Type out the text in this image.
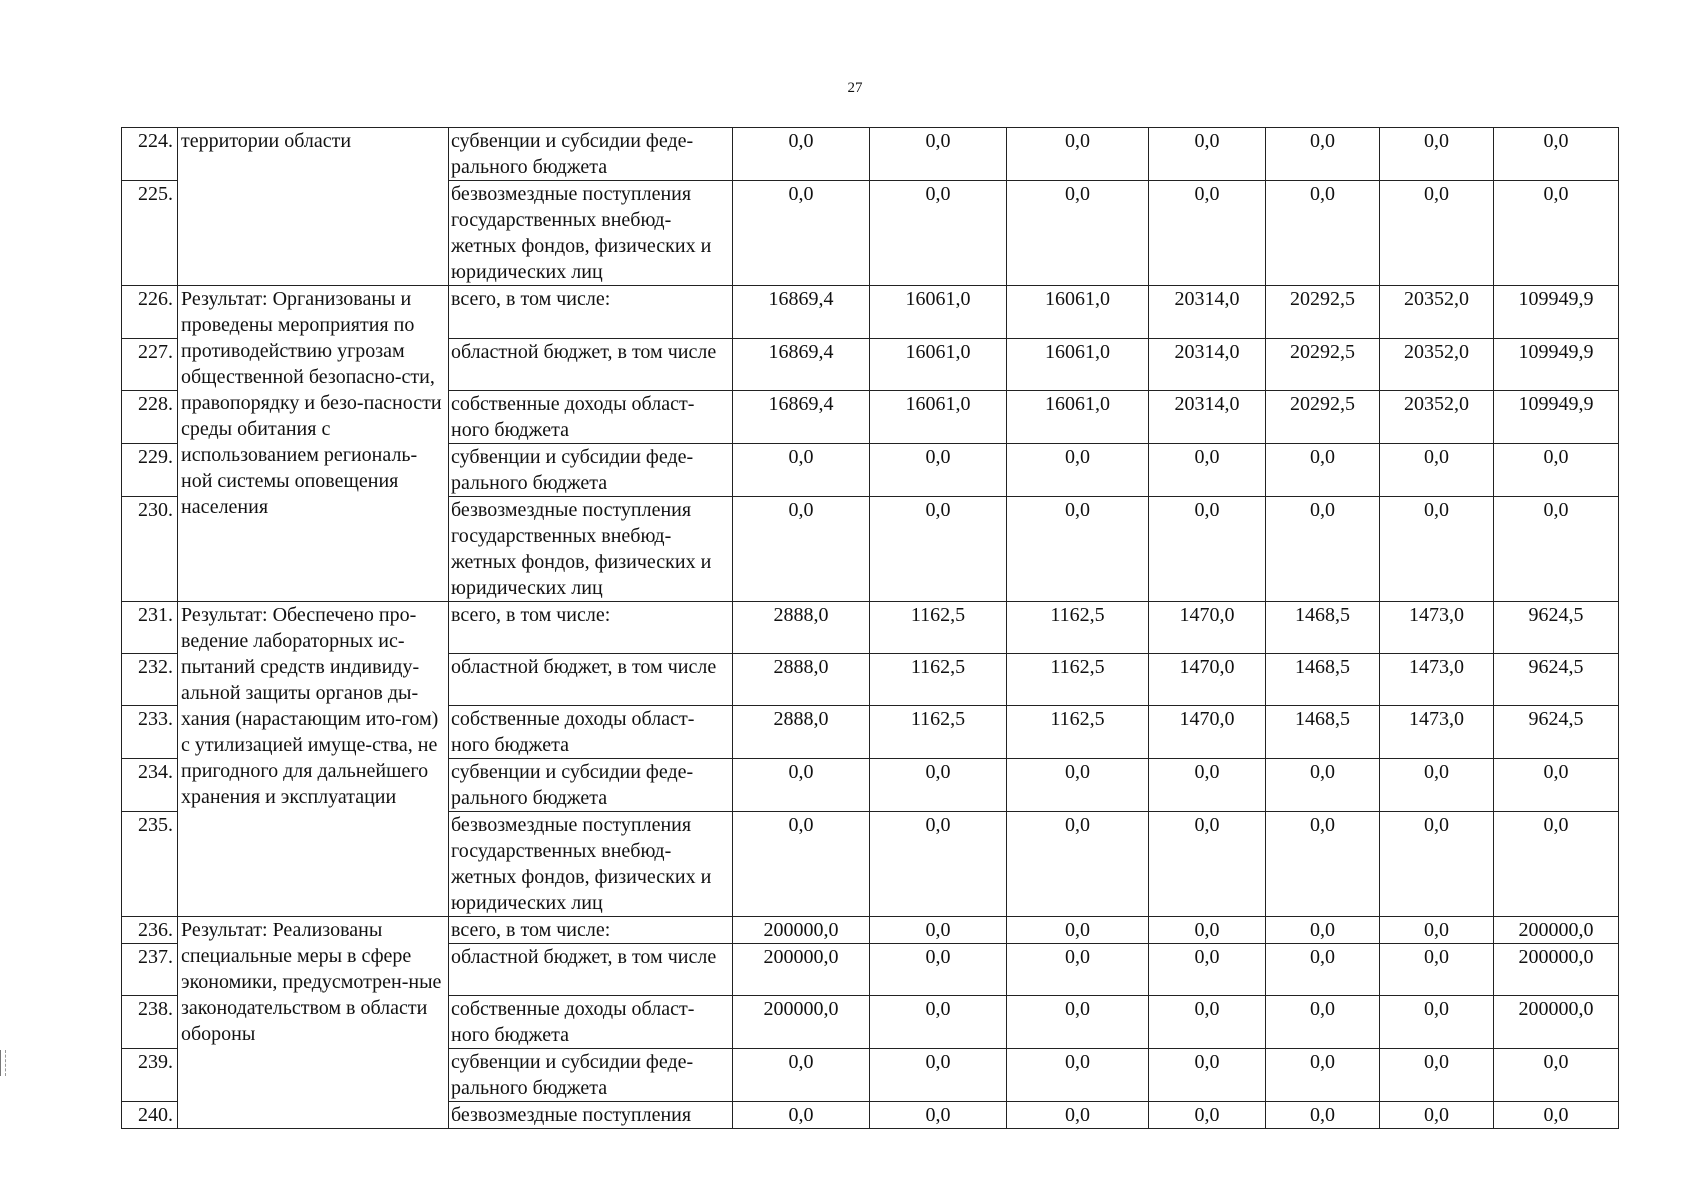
27
224.	территории области	субвенции и субсидии феде-ральн​ого бюджета	0,0	0,0	0,0	0,0	0,0	0,0	0,0
225.		безвозмездные поступления государственных внебюд-жетных фондов, физических и юридических лиц	0,0	0,0	0,0	0,0	0,0	0,0	0,0
226.	Результат: Организованы и проведены мероприятия по противодействию угрозам общественной безопасно-сти, правопорядку и безо-пасности среды обитания с использованием региональ-ной системы оповещения населения	всего, в том числе:	16869,4	16061,0	16061,0	20314,0	20292,5	20352,0	109949,9
227.		областной бюджет, в том числе	16869,4	16061,0	16061,0	20314,0	20292,5	20352,0	109949,9
228.		собственные доходы област-ного бюджета	16869,4	16061,0	16061,0	20314,0	20292,5	20352,0	109949,9
229.		субвенции и субсидии феде-рального бюджета	0,0	0,0	0,0	0,0	0,0	0,0	0,0
230.		безвозмездные поступления государственных внебюд-жетных фондов, физических и юридических лиц	0,0	0,0	0,0	0,0	0,0	0,0	0,0
231.	Результат: Обеспечено про-ведение лабораторных ис-пытаний средств индивиду-альной защиты органов ды-хания (нарастающим ито-гом) с утилизацией имуще-ства, не пригодного для дальнейшего хранения и эксплуатации	всего, в том числе:	2888,0	1162,5	1162,5	1470,0	1468,5	1473,0	9624,5
232.		областной бюджет, в том числе	2888,0	1162,5	1162,5	1470,0	1468,5	1473,0	9624,5
233.		собственные доходы област-ного бюджета	2888,0	1162,5	1162,5	1470,0	1468,5	1473,0	9624,5
234.		субвенции и субсидии феде-рального бюджета	0,0	0,0	0,0	0,0	0,0	0,0	0,0
235.		безвозмездные поступления государственных внебюд-жетных фондов, физических и юридических лиц	0,0	0,0	0,0	0,0	0,0	0,0	0,0
236.	Результат: Реализованы специальные меры в сфере экономики, предусмотрен-ные законодательством в области обороны	всего, в том числе:	200000,0	0,0	0,0	0,0	0,0	0,0	200000,0
237.		областной бюджет, в том числе	200000,0	0,0	0,0	0,0	0,0	0,0	200000,0
238.		собственные доходы област-ного бюджета	200000,0	0,0	0,0	0,0	0,0	0,0	200000,0
239.		субвенции и субсидии феде-рального бюджета	0,0	0,0	0,0	0,0	0,0	0,0	0,0
240.		безвозмездные поступления	0,0	0,0	0,0	0,0	0,0	0,0	0,0
